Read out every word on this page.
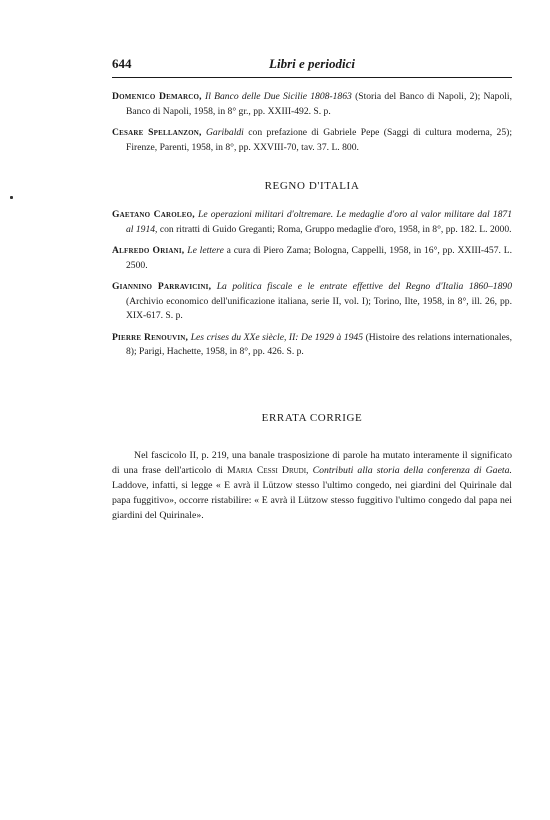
644	Libri e periodici

Domenico Demarco, Il Banco delle Due Sicilie 1808-1863 (Storia del Banco di Napoli, 2); Napoli, Banco di Napoli, 1958, in 8° gr., pp. XXIII-492. S. p.

Cesare Spellanzon, Garibaldi con prefazione di Gabriele Pepe (Saggi di cultura moderna, 25); Firenze, Parenti, 1958, in 8°, pp. XXVIII-70, tav. 37. L. 800.

REGNO D'ITALIA

Gaetano Caroleo, Le operazioni militari d'oltremare. Le medaglie d'oro al valor militare dal 1871 al 1914, con ritratti di Guido Greganti; Roma, Gruppo medaglie d'oro, 1958, in 8°, pp. 182. L. 2000.

Alfredo Oriani, Le lettere a cura di Piero Zama; Bologna, Cappelli, 1958, in 16°, pp. XXIII-457. L. 2500.

Giannino Parravicini, La politica fiscale e le entrate effettive del Regno d'Italia 1860–1890 (Archivio economico dell'unificazione italiana, serie II, vol. I); Torino, Ilte, 1958, in 8°, ill. 26, pp. XIX-617. S. p.

Pierre Renouvin, Les crises du XXe siècle, II: De 1929 à 1945 (Histoire des relations internationales, 8); Parigi, Hachette, 1958, in 8°, pp. 426. S. p.

ERRATA CORRIGE

Nel fascicolo II, p. 219, una banale trasposizione di parole ha mutato interamente il significato di una frase dell'articolo di Maria Cessi Drudi, Contributi alla storia della conferenza di Gaeta. Laddove, infatti, si legge « E avrà il Lützow stesso l'ultimo congedo, nei giardini del Quirinale dal papa fuggitivo», occorre ristabilire: « E avrà il Lützow stesso fuggitivo l'ultimo congedo dal papa nei giardini del Quirinale».
